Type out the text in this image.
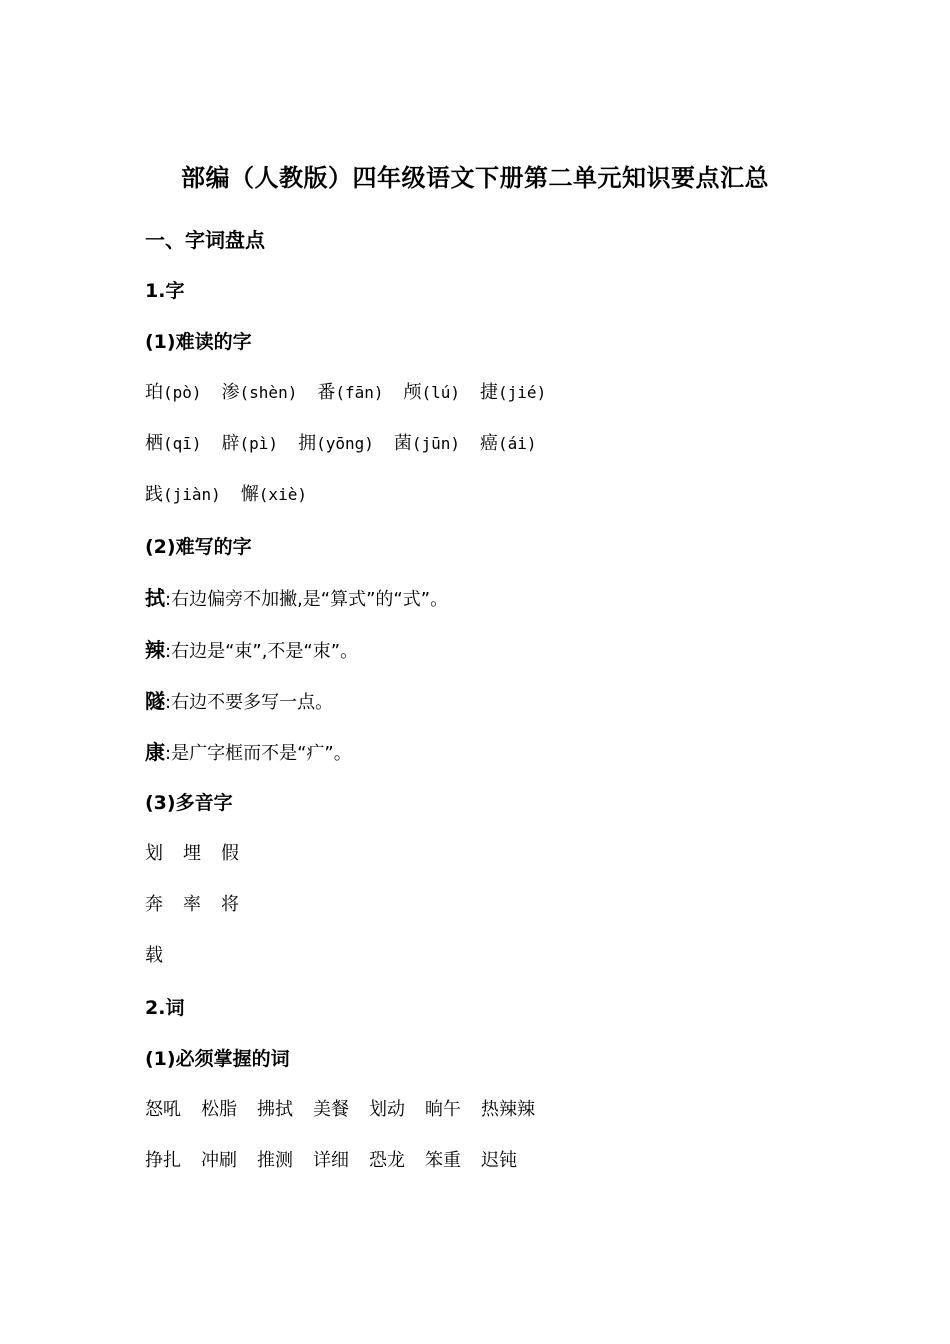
部编（人教版）四年级语文下册第二单元知识要点汇总
一、字词盘点
1.字
(1)难读的字
珀(pò) 渗(shèn) 番(fān) 颅(lú) 捷(jié)
栖(qī) 辟(pì) 拥(yōng) 菌(jūn) 癌(ái)
践(jiàn) 懈(xiè)
(2)难写的字
拭:右边偏旁不加撇,是“算式”的“式”。
辣:右边是“束”,不是“朿”。
隧:右边不要多写一点。
康:是广字框而不是“疒”。
(3)多音字
划 埋 假
奔 率 将
载
2.词
(1)必须掌握的词
怒吼 松脂 拂拭 美餐 划动 晌午 热辣辣
挣扎 冲刷 推测 详细 恐龙 笨重 迟钝
